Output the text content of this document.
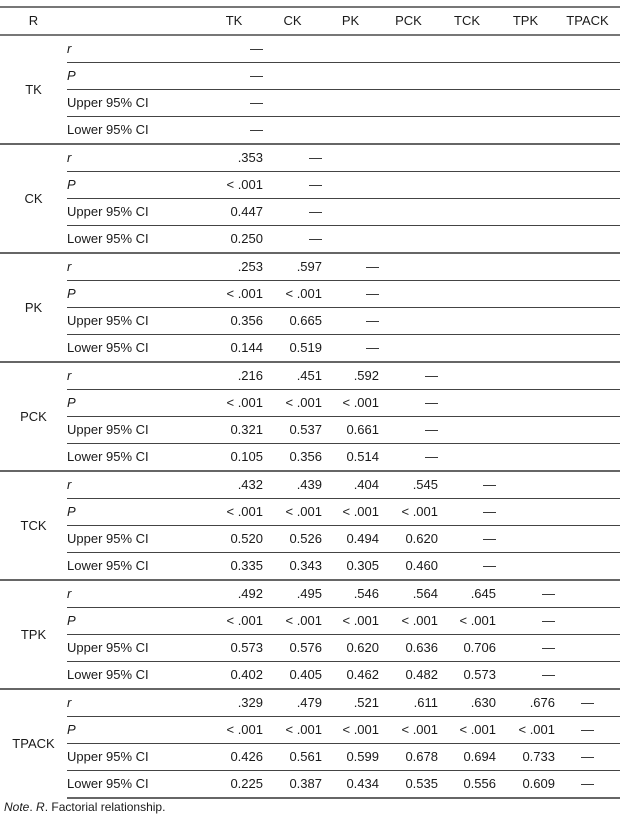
R		TK	CK	PK	PCK	TCK	TPK	TPACK
TK	r	—						
	P	—						
	Upper 95% CI	—						
	Lower 95% CI	—						
CK	r	.353	—					
	P	< .001	—					
	Upper 95% CI	0.447	—					
	Lower 95% CI	0.250	—					
PK	r	.253	.597	—				
	P	< .001	< .001	—				
	Upper 95% CI	0.356	0.665	—				
	Lower 95% CI	0.144	0.519	—				
PCK	r	.216	.451	.592	—			
	P	< .001	< .001	< .001	—			
	Upper 95% CI	0.321	0.537	0.661	—			
	Lower 95% CI	0.105	0.356	0.514	—			
TCK	r	.432	.439	.404	.545	—		
	P	< .001	< .001	< .001	< .001	—		
	Upper 95% CI	0.520	0.526	0.494	0.620	—		
	Lower 95% CI	0.335	0.343	0.305	0.460	—		
TPK	r	.492	.495	.546	.564	.645	—	
	P	< .001	< .001	< .001	< .001	< .001	—	
	Upper 95% CI	0.573	0.576	0.620	0.636	0.706	—	
	Lower 95% CI	0.402	0.405	0.462	0.482	0.573	—	
TPACK	r	.329	.479	.521	.611	.630	.676	—
	P	< .001	< .001	< .001	< .001	< .001	< .001	—
	Upper 95% CI	0.426	0.561	0.599	0.678	0.694	0.733	—
	Lower 95% CI	0.225	0.387	0.434	0.535	0.556	0.609	—
Note. R. Factorial relationship.
